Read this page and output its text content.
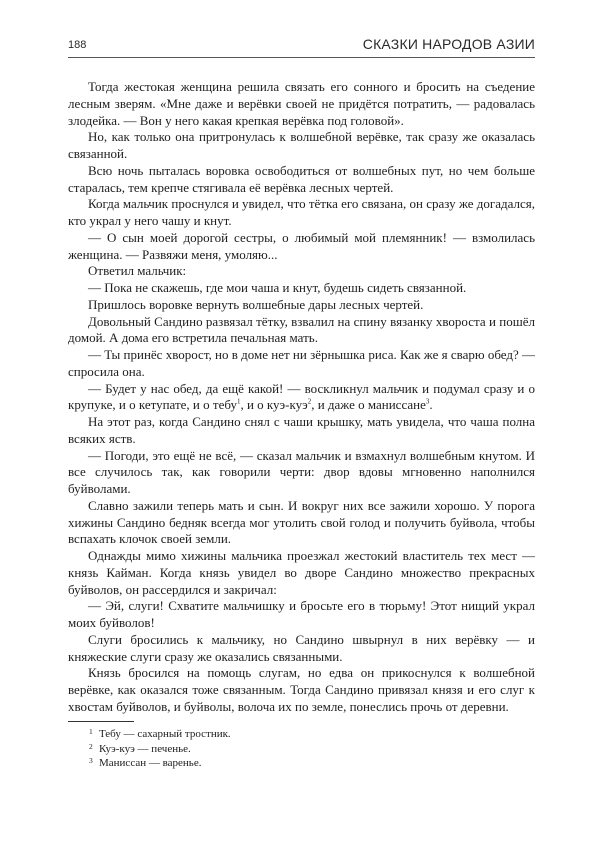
188	СКАЗКИ НАРОДОВ АЗИИ

Тогда жестокая женщина решила связать его сонного и бросить на съедение лесным зверям. «Мне даже и верёвки своей не придётся потратить, — радовалась злодейка. — Вон у него какая крепкая верёвка под головой».

Но, как только она притронулась к волшебной верёвке, так сразу же оказалась связанной.

Всю ночь пыталась воровка освободиться от волшебных пут, но чем больше старалась, тем крепче стягивала её верёвка лесных чертей.

Когда мальчик проснулся и увидел, что тётка его связана, он сразу же догадался, кто украл у него чашу и кнут.

— О сын моей дорогой сестры, о любимый мой племянник! — взмолилась женщина. — Развяжи меня, умоляю...

Ответил мальчик:

— Пока не скажешь, где мои чаша и кнут, будешь сидеть связанной.

Пришлось воровке вернуть волшебные дары лесных чертей.

Довольный Сандино развязал тётку, взвалил на спину вязанку хвороста и пошёл домой. А дома его встретила печальная мать.

— Ты принёс хворост, но в доме нет ни зёрнышка риса. Как же я сварю обед? — спросила она.

— Будет у нас обед, да ещё какой! — воскликнул мальчик и подумал сразу и о крупуке, и о кетупате, и о тебу$^1$, и о куэ-куэ$^2$, и даже о маниссане$^3$.

На этот раз, когда Сандино снял с чаши крышку, мать увидела, что чаша полна всяких яств.

— Погоди, это ещё не всё, — сказал мальчик и взмахнул волшебным кнутом. И все случилось так, как говорили черти: двор вдовы мгновенно наполнился буйволами.

Славно зажили теперь мать и сын. И вокруг них все зажили хорошо. У порога хижины Сандино бедняк всегда мог утолить свой голод и получить буйвола, чтобы вспахать клочок своей земли.

Однажды мимо хижины мальчика проезжал жестокий властитель тех мест — князь Кайман. Когда князь увидел во дворе Сандино множество прекрасных буйволов, он рассердился и закричал:

— Эй, слуги! Схватите мальчишку и бросьте его в тюрьму! Этот нищий украл моих буйволов!

Слуги бросились к мальчику, но Сандино швырнул в них верёвку — и княжеские слуги сразу же оказались связанными.

Князь бросился на помощь слугам, но едва он прикоснулся к волшебной верёвке, как оказался тоже связанным. Тогда Сандино привязал князя и его слуг к хвостам буйволов, и буйволы, волоча их по земле, понеслись прочь от деревни.

1 Тебу — сахарный тростник.
2 Куэ-куэ — печенье.
3 Маниссан — варенье.
